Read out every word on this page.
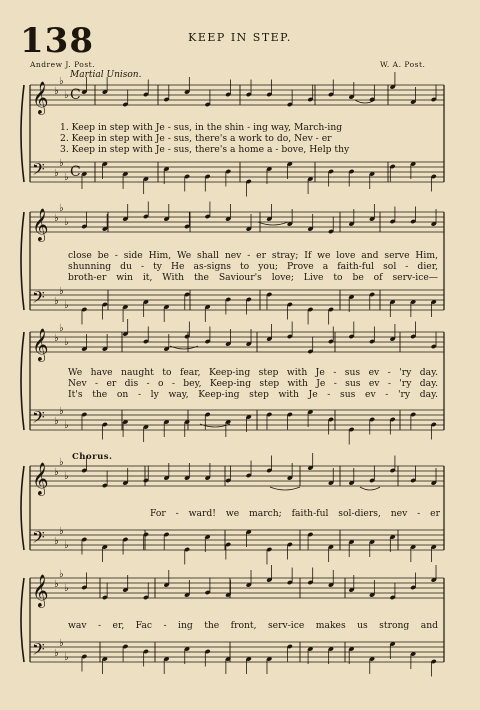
138	KEEP IN STEP.
Andrew J. Post.	W. A. Post.
Martial Unison.
Chorus.
𝄞 ♭
♭
♭
𝄢 ♭
♭
♭
C
C
𝄞 ♭
♭
♭
𝄢 ♭
♭
♭
𝄞 ♭
♭
♭
𝄢 ♭
♭
♭
𝄞 ♭
♭
♭
𝄢 ♭
♭
♭
𝄞 ♭
♭
♭
𝄢 ♭
♭
♭
1. Keep in step with Je - sus, in the shin - ing way, March-ing
2. Keep in step with Je - sus, there's a work to do, Nev - er
3. Keep in step with Je - sus, there's a home a - bove, Help thy
close be - side Him, We shall nev - er stray; If we love and serve Him,
shunning du - ty He as-signs to you; Prove a faith-ful sol - dier,
broth-er win it, With the Saviour's love; Live to be of serv-ice—
We have naught to fear, Keep-ing step with Je - sus ev - 'ry day.
Nev - er dis - o - bey, Keep-ing step with Je - sus ev - 'ry day.
It's the on - ly way, Keep-ing step with Je - sus ev - 'ry day.
For - ward! we march; faith-ful sol-diers, nev - er
wav - er, Fac - ing the front, serv-ice makes us strong and
